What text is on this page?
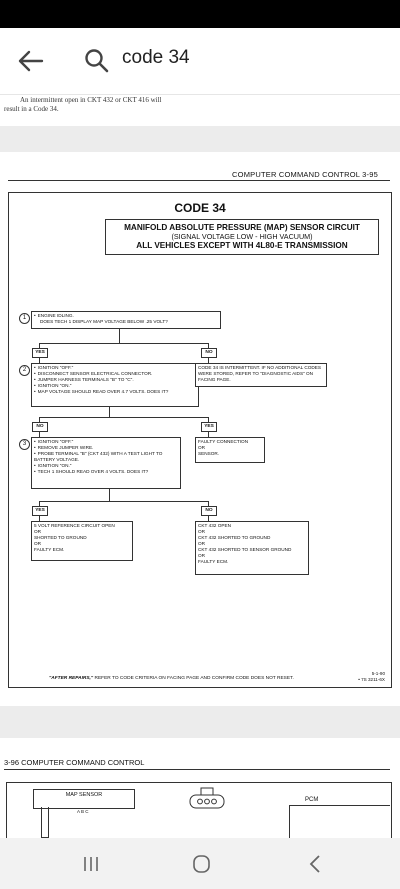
code 34
An intermittent open in CKT 432 or CKT 416 will
result in a Code 34.
COMPUTER COMMAND CONTROL 3-95
CODE 34
MANIFOLD ABSOLUTE PRESSURE (MAP) SENSOR CIRCUIT
(SIGNAL VOLTAGE LOW - HIGH VACUUM)
ALL VEHICLES EXCEPT WITH 4L80-E TRANSMISSION
1	• ENGINE IDLING.
DOES TECH 1 DISPLAY MAP VOLTAGE BELOW .25 VOLT?
YES	NO
2	• IGNITION "OFF."
• DISCONNECT SENSOR ELECTRICAL CONNECTOR.
• JUMPER HARNESS TERMINALS "B" TO "C".
• IGNITION "ON."
• MAP VOLTAGE SHOULD READ OVER 4.7 VOLTS. DOES IT?
CODE 34 IS INTERMITTENT. IF NO ADDITIONAL CODES WERE STORED, REFER TO "DIAGNOSTIC AIDS" ON FACING PAGE.
NO	YES
3	• IGNITION "OFF."
• REMOVE JUMPER WIRE.
• PROBE TERMINAL "B" (CKT 432) WITH A TEST LIGHT TO BATTERY VOLTAGE.
• IGNITION "ON."
• TECH 1 SHOULD READ OVER 4 VOLTS. DOES IT?
FAULTY CONNECTION
OR
SENSOR.
YES	NO
5 VOLT REFERENCE CIRCUIT OPEN
OR
SHORTED TO GROUND
OR
FAULTY ECM.
CKT 432 OPEN
OR
CKT 432 SHORTED TO GROUND
OR
CKT 432 SHORTED TO SENSOR GROUND
OR
FAULTY ECM.
"AFTER REPAIRS," REFER TO CODE CRITERIA ON FACING PAGE AND CONFIRM CODE DOES NOT RESET.
5-1-90
• 7S 3211-6X
3-96 COMPUTER COMMAND CONTROL
MAP SENSOR
A B C
PCM
